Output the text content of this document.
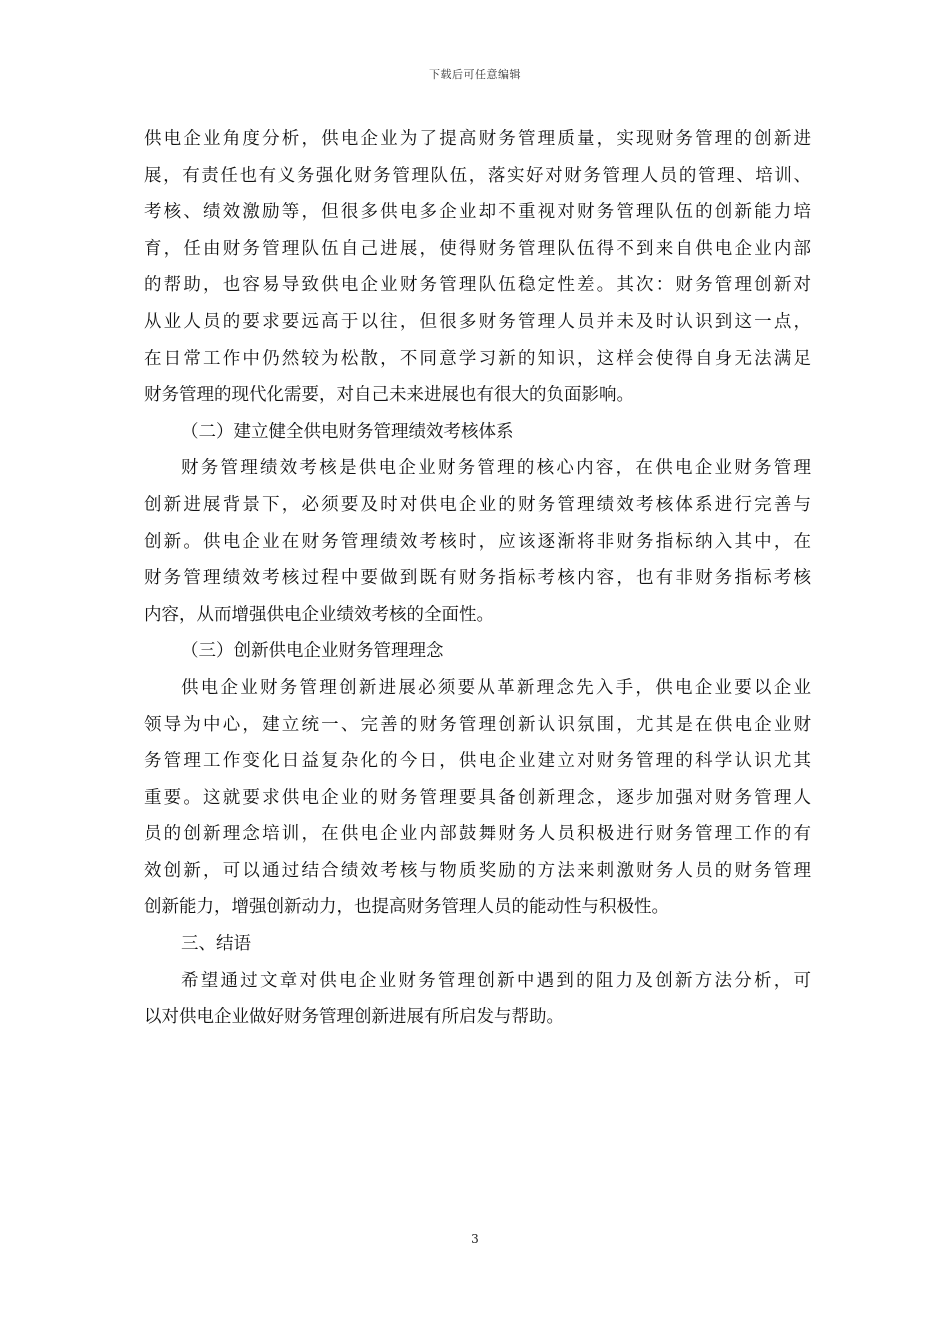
下载后可任意编辑
供电企业角度分析，供电企业为了提高财务管理质量，实现财务管理的创新进
展，有责任也有义务强化财务管理队伍，落实好对财务管理人员的管理、培训、
考核、绩效激励等，但很多供电多企业却不重视对财务管理队伍的创新能力培
育，任由财务管理队伍自己进展，使得财务管理队伍得不到来自供电企业内部
的帮助，也容易导致供电企业财务管理队伍稳定性差。其次：财务管理创新对
从业人员的要求要远高于以往，但很多财务管理人员并未及时认识到这一点，
在日常工作中仍然较为松散，不同意学习新的知识，这样会使得自身无法满足
财务管理的现代化需要，对自己未来进展也有很大的负面影响。
（二）建立健全供电财务管理绩效考核体系
财务管理绩效考核是供电企业财务管理的核心内容，在供电企业财务管理
创新进展背景下，必须要及时对供电企业的财务管理绩效考核体系进行完善与
创新。供电企业在财务管理绩效考核时，应该逐渐将非财务指标纳入其中，在
财务管理绩效考核过程中要做到既有财务指标考核内容，也有非财务指标考核
内容，从而增强供电企业绩效考核的全面性。
（三）创新供电企业财务管理理念
供电企业财务管理创新进展必须要从革新理念先入手，供电企业要以企业
领导为中心，建立统一、完善的财务管理创新认识氛围，尤其是在供电企业财
务管理工作变化日益复杂化的今日，供电企业建立对财务管理的科学认识尤其
重要。这就要求供电企业的财务管理要具备创新理念，逐步加强对财务管理人
员的创新理念培训，在供电企业内部鼓舞财务人员积极进行财务管理工作的有
效创新，可以通过结合绩效考核与物质奖励的方法来刺激财务人员的财务管理
创新能力，增强创新动力，也提高财务管理人员的能动性与积极性。
三、结语
希望通过文章对供电企业财务管理创新中遇到的阻力及创新方法分析，可
以对供电企业做好财务管理创新进展有所启发与帮助。
3
